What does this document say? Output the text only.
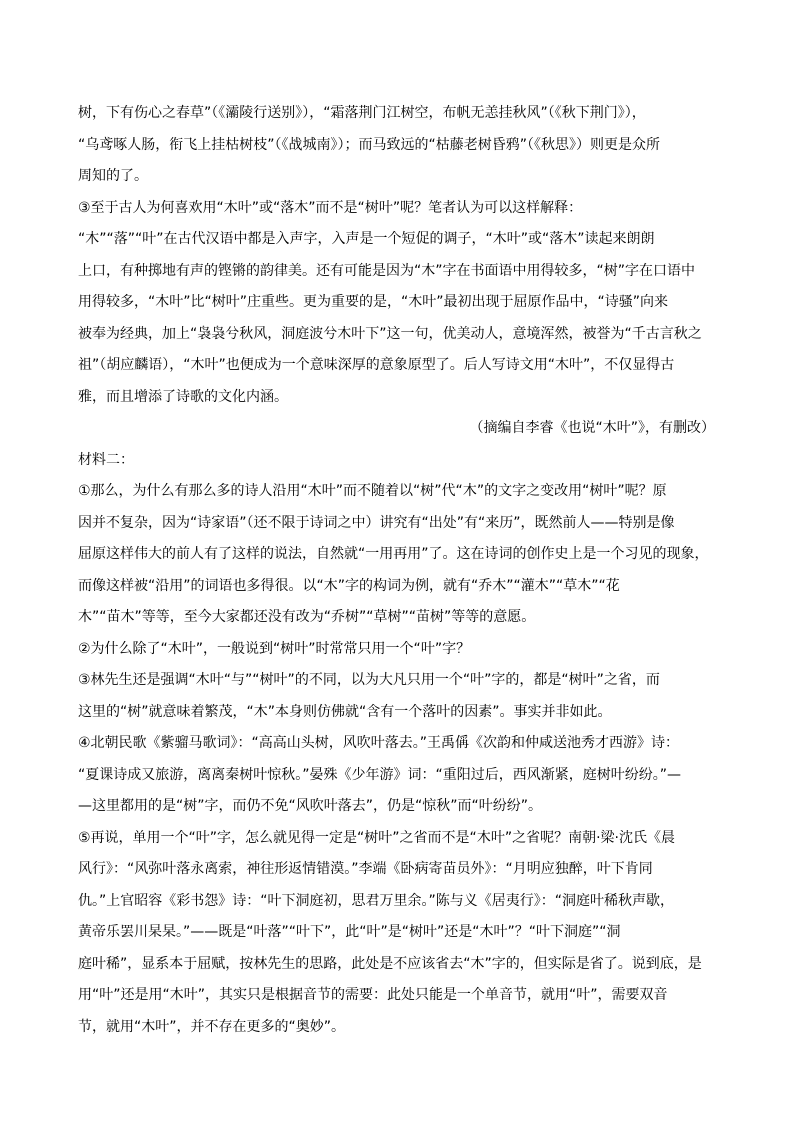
树，下有伤心之春草”（《灞陵行送别》），“霜落荆门江树空，布帆无恙挂秋风”（《秋下荆门》），
“乌鸢啄人肠，衔飞上挂枯树枝”（《战城南》）；而马致远的“枯藤老树昏鸦”（《秋思》）则更是众所
周知的了。
③至于古人为何喜欢用“木叶”或“落木”而不是“树叶”呢？笔者认为可以这样解释：
“木”“落”“叶”在古代汉语中都是入声字，入声是一个短促的调子，“木叶”或“落木”读起来朗朗
上口，有种掷地有声的铿锵的韵律美。还有可能是因为“木”字在书面语中用得较多，“树”字在口语中
用得较多，“木叶”比“树叶”庄重些。更为重要的是，“木叶”最初出现于屈原作品中，“诗骚”向来
被奉为经典，加上“袅袅兮秋风，洞庭波兮木叶下”这一句，优美动人，意境浑然，被誉为“千古言秋之
祖”（胡应麟语），“木叶”也便成为一个意味深厚的意象原型了。后人写诗文用“木叶”，不仅显得古
雅，而且增添了诗歌的文化内涵。
（摘编自李睿《也说“木叶”》，有删改）
材料二：
①那么，为什么有那么多的诗人沿用“木叶”而不随着以“树”代“木”的文字之变改用“树叶”呢？原
因并不复杂，因为“诗家语”（还不限于诗词之中）讲究有“出处”有“来历”，既然前人——特别是像
屈原这样伟大的前人有了这样的说法，自然就“一用再用”了。这在诗词的创作史上是一个习见的现象，
而像这样被“沿用”的词语也多得很。以“木”字的构词为例，就有“乔木”“灌木”“草木”“花
木”“苗木”等等，至今大家都还没有改为“乔树”“草树”“苗树”等等的意愿。
②为什么除了“木叶”，一般说到“树叶”时常常只用一个“叶”字？
③林先生还是强调“木叶“与”“树叶”的不同，以为大凡只用一个“叶”字的，都是“树叶”之省，而
这里的“树”就意味着繁茂，“木”本身则仿佛就“含有一个落叶的因素”。事实并非如此。
④北朝民歌《紫骝马歌词》：“高高山头树，风吹叶落去。”王禹偁《次韵和仲咸送池秀才西游》诗：
“夏课诗成又旅游，离离秦树叶惊秋。”晏殊《少年游》词：“重阳过后，西风渐紧，庭树叶纷纷。”—
—这里都用的是“树”字，而仍不免“风吹叶落去”，仍是“惊秋”而“叶纷纷”。
⑤再说，单用一个“叶”字，怎么就见得一定是“树叶”之省而不是“木叶”之省呢？南朝·梁·沈氏《晨
风行》：“风弥叶落永离索，神往形返情错漠。”李端《卧病寄苗员外》：“月明应独醉，叶下肯同
仇。”上官昭容《彩书怨》诗：“叶下洞庭初，思君万里余。”陈与义《居夷行》：“洞庭叶稀秋声歇，
黄帝乐罢川杲杲。”——既是“叶落”“叶下”，此“叶”是“树叶”还是“木叶”？“叶下洞庭”“洞
庭叶稀”，显系本于屈赋，按林先生的思路，此处是不应该省去“木”字的，但实际是省了。说到底，是
用“叶”还是用“木叶”，其实只是根据音节的需要：此处只能是一个单音节，就用“叶”，需要双音
节，就用“木叶”，并不存在更多的“奥妙”。
